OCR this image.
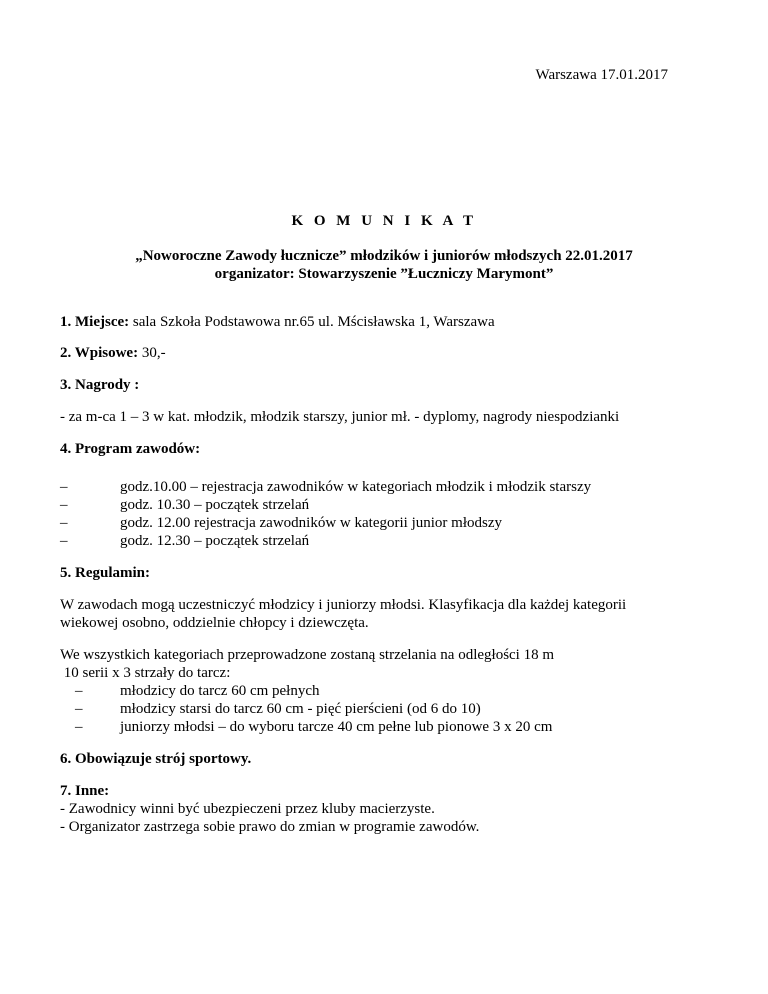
Warszawa 17.01.2017
K O M U N I K A T
„Noworoczne Zawody łucznicze” młodzików i juniorów młodszych 22.01.2017
organizator: Stowarzyszenie ”Łuczniczy Marymont”
1. Miejsce: sala Szkoła Podstawowa nr.65 ul. Mścisławska 1, Warszawa
2. Wpisowe: 30,-
3. Nagrody :
- za m-ca 1 – 3 w kat. młodzik, młodzik starszy, junior mł. - dyplomy, nagrody niespodzianki
4. Program zawodów:
–	godz.10.00 – rejestracja zawodników w kategoriach młodzik i młodzik starszy
–	godz. 10.30 – początek strzelań
–	godz. 12.00 rejestracja zawodników w kategorii junior młodszy
–	godz. 12.30 – początek strzelań
5. Regulamin:
W zawodach mogą uczestniczyć młodzicy i juniorzy młodsi. Klasyfikacja dla każdej kategorii
wiekowej osobno, oddzielnie chłopcy i dziewczęta.
We wszystkich kategoriach przeprowadzone zostaną strzelania na odległości 18 m
10 serii x 3 strzały do tarcz:
–	młodzicy do tarcz 60 cm pełnych
–	młodzicy starsi do tarcz 60 cm - pięć pierścieni (od 6 do 10)
–	juniorzy młodsi – do wyboru tarcze 40 cm pełne lub pionowe 3 x 20 cm
6. Obowiązuje strój sportowy.
7. Inne:
- Zawodnicy winni być ubezpieczeni przez kluby macierzyste.
- Organizator zastrzega sobie prawo do zmian w programie zawodów.
